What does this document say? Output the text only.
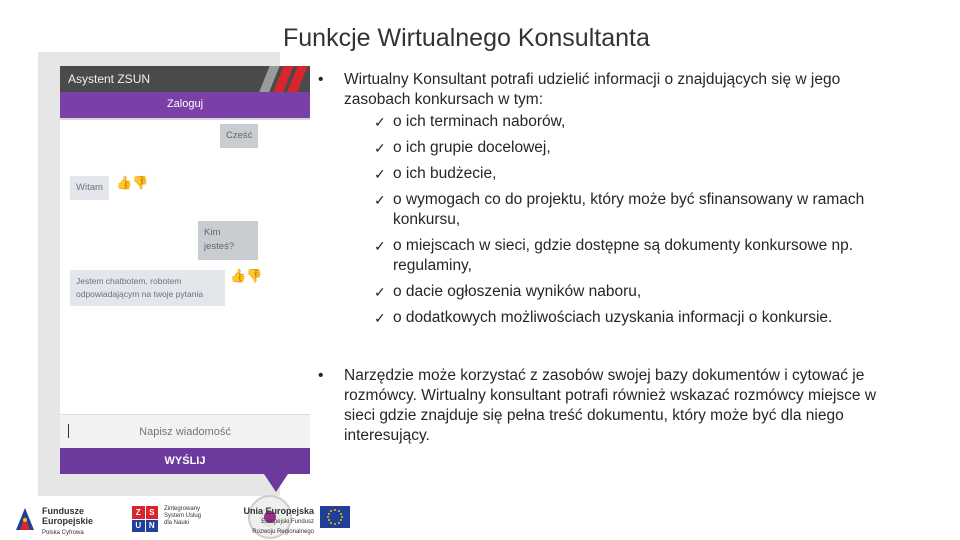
Funkcje Wirtualnego Konsultanta
Asystent ZSUN
Zaloguj
Cześć
Witam	👍👎
Kim jesteś?
Jestem chatbotem, robotem odpowiadającym na twoje pytania
👍👎
Napisz wiadomość
WYŚLIJ
• Wirtualny Konsultant potrafi udzielić informacji o znajdujących się w jego zasobach konkursach w tym:
✓ o ich terminach naborów,
✓ o ich grupie docelowej,
✓ o ich budżecie,
✓ o wymogach co do projektu, który może być sfinansowany w ramach konkursu,
✓ o miejscach w sieci, gdzie dostępne są dokumenty konkursowe np. regulaminy,
✓ o dacie ogłoszenia wyników naboru,
✓ o dodatkowych możliwościach uzyskania informacji o konkursie.
• Narzędzie może korzystać z zasobów swojej bazy dokumentów i cytować je rozmówcy. Wirtualny konsultant potrafi również wskazać rozmówcy miejsce w sieci gdzie znajduje się pełna treść dokumentu, który może być dla niego interesujący.
Fundusze
Europejskie
Polska Cyfrowa
Z	S
U N
Zintegrowany
System Usług
dla Nauki
Unia Europejska
Europejski Fundusz
Rozwoju Regionalnego
